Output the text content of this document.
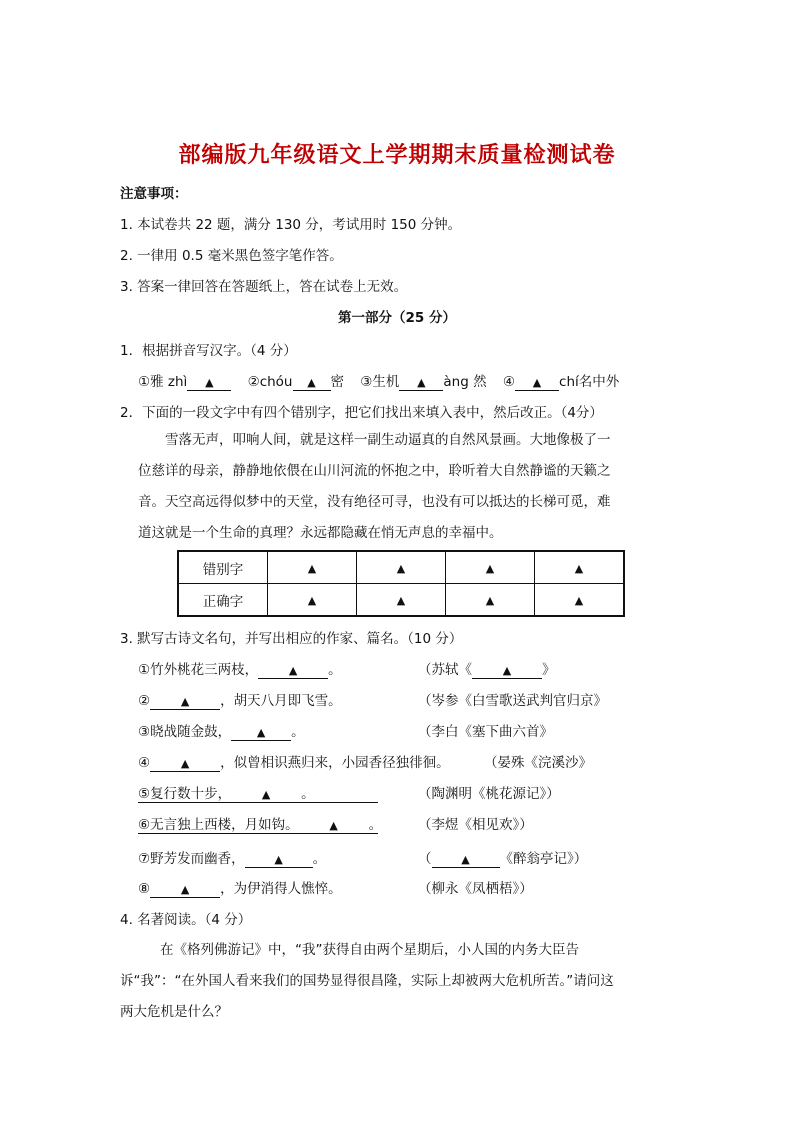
部编版九年级语文上学期期末质量检测试卷
注意事项：
1. 本试卷共 22 题，满分 130 分，考试用时 150 分钟。
2. 一律用 0.5 毫米黑色签字笔作答。
3. 答案一律回答在答题纸上，答在试卷上无效。
第一部分（25 分）
1．根据拼音写汉字。（4 分）
①雅 zhì ▲	②chóu ▲ 密 ③生机 ▲ àng 然 ④ ▲ chí名中外
2．下面的一段文字中有四个错别字，把它们找出来填入表中，然后改正。（4分）
雪落无声，叩响人间，就是这样一副生动逼真的自然风景画。大地像极了一位慈详的母亲，静静地依偎在山川河流的怀抱之中，聆听着大自然静谧的天籁之音。天空高远得似梦中的天堂，没有绝径可寻，也没有可以抵达的长梯可觅，难道这就是一个生命的真理？永远都隐藏在悄无声息的幸福中。
错别字	▲	▲	▲	▲
正确字	▲	▲	▲	▲
3. 默写古诗文名句，并写出相应的作家、篇名。（10 分）
①竹外桃花三两枝，	▲ 。	（苏轼《	▲ 》
②	▲ ，胡天八月即飞雪。	（岑参《白雪歌送武判官归京》
③晓战随金鼓， ▲ 。	（李白《塞下曲六首》
④	▲ ，似曾相识燕归来，小园香径独徘徊。	（晏殊《浣溪沙》
⑤复行数十步，	▲ 。	（陶渊明《桃花源记》）
⑥无言独上西楼，月如钩。	▲ 。	（李煜《相见欢》）
⑦野芳发而幽香，	▲ 。	（	▲ 《醉翁亭记》）
⑧	▲ ，为伊消得人憔悴。	（柳永《凤栖梧》）
4. 名著阅读。（4 分）
在《格列佛游记》中，“我”获得自由两个星期后，小人国的内务大臣告诉“我”：“在外国人看来我们的国势显得很昌隆，实际上却被两大危机所苦。”请问这两大危机是什么？
